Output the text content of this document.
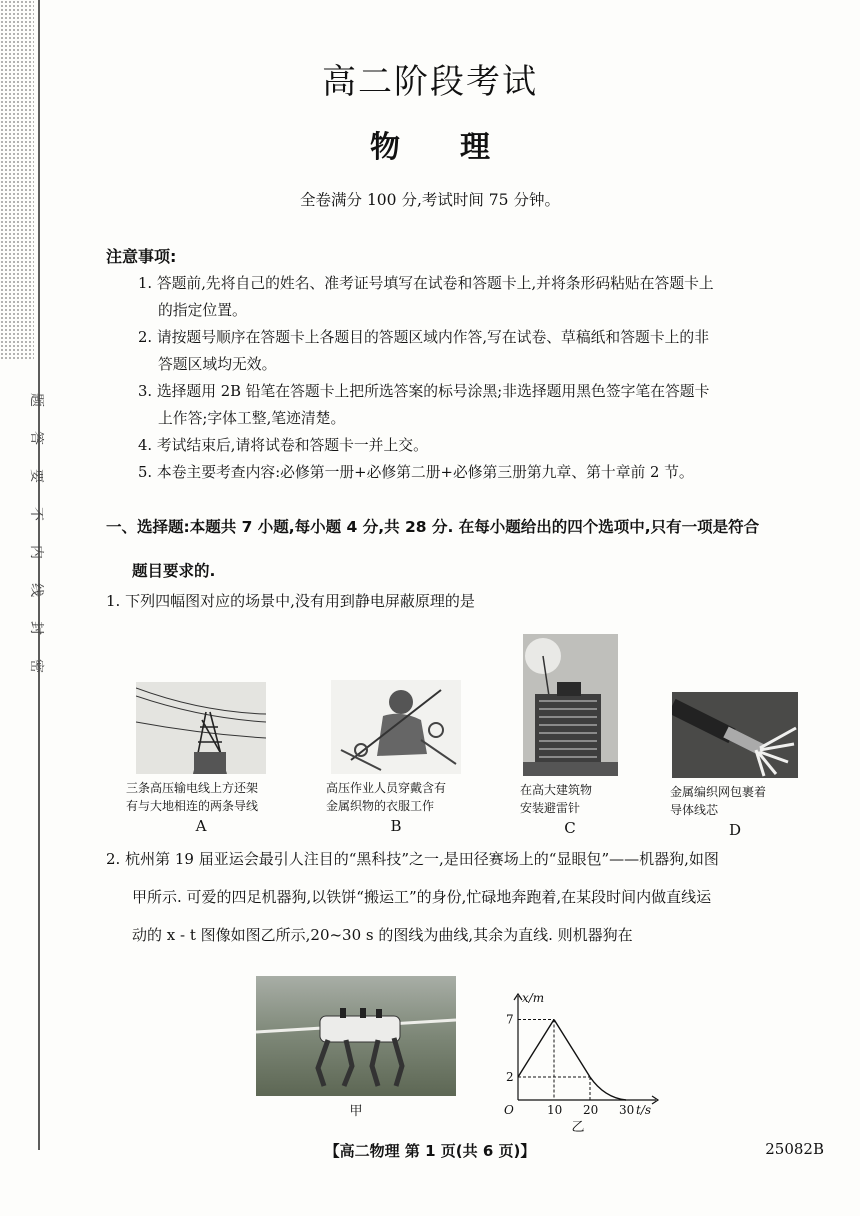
题
答
要
不
内
线
封
密
高二阶段考试
物理
全卷满分 100 分,考试时间 75 分钟。
注意事项:
1. 答题前,先将自己的姓名、准考证号填写在试卷和答题卡上,并将条形码粘贴在答题卡上
的指定位置。
2. 请按题号顺序在答题卡上各题目的答题区域内作答,写在试卷、草稿纸和答题卡上的非
答题区域均无效。
3. 选择题用 2B 铅笔在答题卡上把所选答案的标号涂黑;非选择题用黑色签字笔在答题卡
上作答;字体工整,笔迹清楚。
4. 考试结束后,请将试卷和答题卡一并上交。
5. 本卷主要考查内容:必修第一册+必修第二册+必修第三册第九章、第十章前 2 节。
一、选择题:本题共 7 小题,每小题 4 分,共 28 分. 在每小题给出的四个选项中,只有一项是符合
题目要求的.
1. 下列四幅图对应的场景中,没有用到静电屏蔽原理的是
三条高压输电线上方还架
有与大地相连的两条导线
A
高压作业人员穿戴含有
金属织物的衣服工作
B
在高大建筑物
安装避雷针
C
金属编织网包裹着
导体线芯
D
2. 杭州第 19 届亚运会最引人注目的“黑科技”之一,是田径赛场上的“显眼包”——机器狗,如图
甲所示. 可爱的四足机器狗,以铁饼“搬运工”的身份,忙碌地奔跑着,在某段时间内做直线运
动的 x - t 图像如图乙所示,20~30 s 的图线为曲线,其余为直线. 则机器狗在
甲	O	10 20 30
2
7
x/m
t/s
乙
【高二物理 第 1 页(共 6 页)】	25082B
